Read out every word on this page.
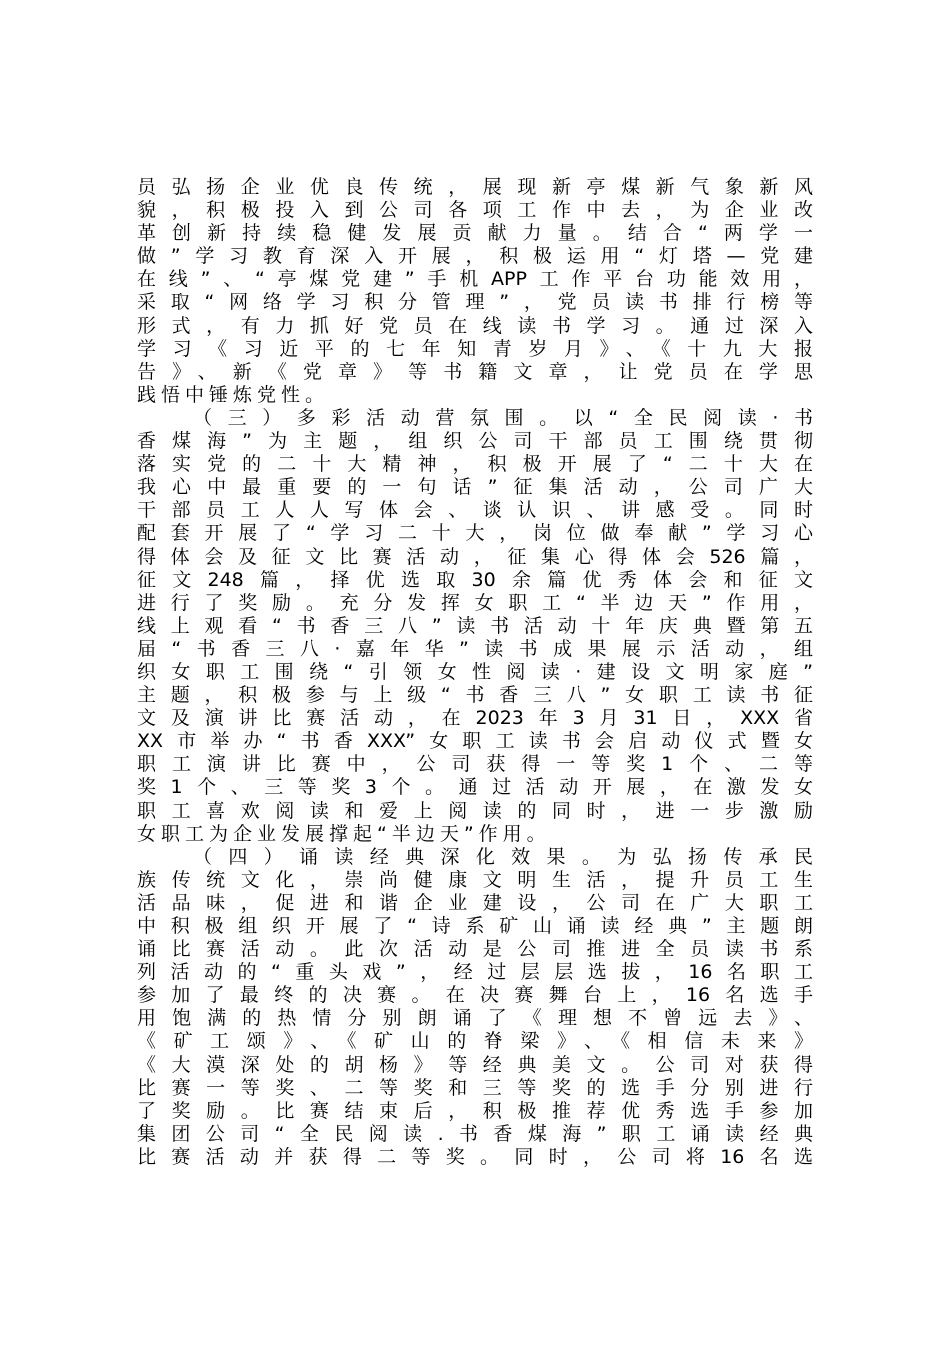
员弘扬企业优良传统，展现新亭煤新气象新风
貌，积极投入到公司各项工作中去，为企业改
革创新持续稳健发展贡献力量。结合“两学一
做”学习教育深入开展，积极运用“灯塔—党建
在线”、“亭煤党建”手机APP工作平台功能效用，
采取“网络学习积分管理”，党员读书排行榜等
形式，有力抓好党员在线读书学习。通过深入
学习《习近平的七年知青岁月》、《十九大报
告》、新《党章》等书籍文章，让党员在学思
践悟中锤炼党性。
（三）多彩活动营氛围。以“全民阅读·书
香煤海”为主题，组织公司干部员工围绕贯彻
落实党的二十大精神，积极开展了“二十大在
我心中最重要的一句话”征集活动，公司广大
干部员工人人写体会、谈认识、讲感受。同时
配套开展了“学习二十大，岗位做奉献”学习心
得体会及征文比赛活动，征集心得体会526篇，
征文248篇，择优选取30余篇优秀体会和征文
进行了奖励。充分发挥女职工“半边天”作用，
线上观看“书香三八”读书活动十年庆典暨第五
届“书香三八·嘉年华”读书成果展示活动，组
织女职工围绕“引领女性阅读·建设文明家庭”
主题，积极参与上级“书香三八”女职工读书征
文及演讲比赛活动，在2023年3月31日，XXX省
XX市举办“书香XXX”女职工读书会启动仪式暨女
职工演讲比赛中，公司获得一等奖1个、二等
奖1个、三等奖3个。通过活动开展，在激发女
职工喜欢阅读和爱上阅读的同时，进一步激励
女职工为企业发展撑起“半边天”作用。
（四）诵读经典深化效果。为弘扬传承民
族传统文化，崇尚健康文明生活，提升员工生
活品味，促进和谐企业建设，公司在广大职工
中积极组织开展了“诗系矿山诵读经典”主题朗
诵比赛活动。此次活动是公司推进全员读书系
列活动的“重头戏”，经过层层选拔，16名职工
参加了最终的决赛。在决赛舞台上，16名选手
用饱满的热情分别朗诵了《理想不曾远去》、
《矿工颂》、《矿山的脊梁》、《相信未来》
《大漠深处的胡杨》等经典美文。公司对获得
比赛一等奖、二等奖和三等奖的选手分别进行
了奖励。比赛结束后，积极推荐优秀选手参加
集团公司“全民阅读.书香煤海”职工诵读经典
比赛活动并获得二等奖。同时，公司将16名选
